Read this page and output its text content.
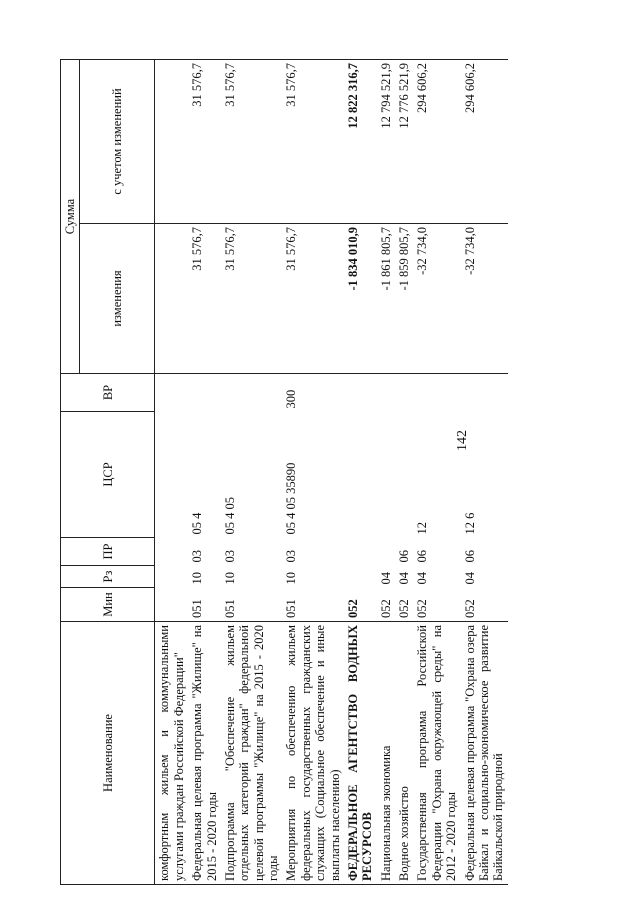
142
Наименование	Мин	Рз	ПР	ЦСР	ВР	Сумма	
						изменения	с учетом изменений
комфортным жильем и коммунальными услугами граждан Российской Федерации"							
Федеральная целевая программа "Жилище" на 2015 - 2020 годы	051	10	03	05 4		31 576,7	31 576,7
Подпрограмма "Обеспечение жильем отдельных категорий граждан" федеральной целевой программы "Жилище" на 2015 - 2020 годы	051	10	03	05 4 05		31 576,7	31 576,7
Мероприятия по обеспечению жильем федеральных государственных гражданских служащих (Социальное обеспечение и иные выплаты населению)	051	10	03	05 4 05 35890	300	31 576,7	31 576,7
ФЕДЕРАЛЬНОЕ АГЕНТСТВО ВОДНЫХ РЕСУРСОВ	052					-1 834 010,9	12 822 316,7
Национальная экономика	052	04				-1 861 805,7	12 794 521,9
Водное хозяйство	052	04	06			-1 859 805,7	12 776 521,9
Государственная программа Российской Федерации "Охрана окружающей среды" на 2012 - 2020 годы	052	04	06	12		-32 734,0	294 606,2
Федеральная целевая программа "Охрана озера Байкал и социально-экономическое развитие Байкальской природной	052	04	06	12 6		-32 734,0	294 606,2
